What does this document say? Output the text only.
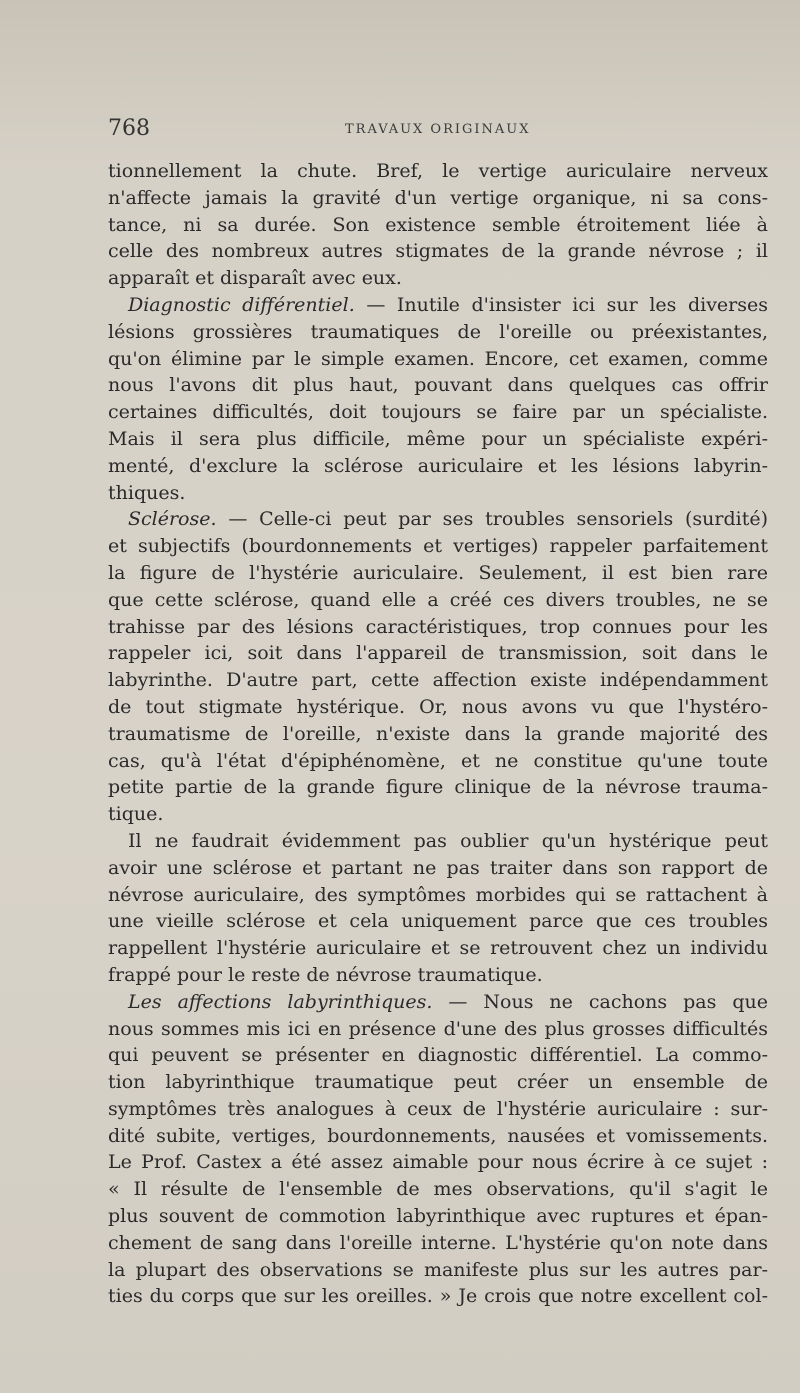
768	TRAVAUX ORIGINAUX
tionnellement la chute. Bref, le vertige auriculaire nerveux
n'affecte jamais la gravité d'un vertige organique, ni sa cons-
tance, ni sa durée. Son existence semble étroitement liée à
celle des nombreux autres stigmates de la grande névrose ; il
apparaît et disparaît avec eux.
Diagnostic différentiel. — Inutile d'insister ici sur les diverses
lésions grossières traumatiques de l'oreille ou préexistantes,
qu'on élimine par le simple examen. Encore, cet examen, comme
nous l'avons dit plus haut, pouvant dans quelques cas offrir
certaines difficultés, doit toujours se faire par un spécialiste.
Mais il sera plus difficile, même pour un spécialiste expéri-
menté, d'exclure la sclérose auriculaire et les lésions labyrin-
thiques.
Sclérose. — Celle-ci peut par ses troubles sensoriels (surdité)
et subjectifs (bourdonnements et vertiges) rappeler parfaitement
la figure de l'hystérie auriculaire. Seulement, il est bien rare
que cette sclérose, quand elle a créé ces divers troubles, ne se
trahisse par des lésions caractéristiques, trop connues pour les
rappeler ici, soit dans l'appareil de transmission, soit dans le
labyrinthe. D'autre part, cette affection existe indépendamment
de tout stigmate hystérique. Or, nous avons vu que l'hystéro-
traumatisme de l'oreille, n'existe dans la grande majorité des
cas, qu'à l'état d'épiphénomène, et ne constitue qu'une toute
petite partie de la grande figure clinique de la névrose trauma-
tique.
Il ne faudrait évidemment pas oublier qu'un hystérique peut
avoir une sclérose et partant ne pas traiter dans son rapport de
névrose auriculaire, des symptômes morbides qui se rattachent à
une vieille sclérose et cela uniquement parce que ces troubles
rappellent l'hystérie auriculaire et se retrouvent chez un individu
frappé pour le reste de névrose traumatique.
Les affections labyrinthiques. — Nous ne cachons pas que
nous sommes mis ici en présence d'une des plus grosses difficultés
qui peuvent se présenter en diagnostic différentiel. La commo-
tion labyrinthique traumatique peut créer un ensemble de
symptômes très analogues à ceux de l'hystérie auriculaire : sur-
dité subite, vertiges, bourdonnements, nausées et vomissements.
Le Prof. Castex a été assez aimable pour nous écrire à ce sujet :
« Il résulte de l'ensemble de mes observations, qu'il s'agit le
plus souvent de commotion labyrinthique avec ruptures et épan-
chement de sang dans l'oreille interne. L'hystérie qu'on note dans
la plupart des observations se manifeste plus sur les autres par-
ties du corps que sur les oreilles. » Je crois que notre excellent col-
